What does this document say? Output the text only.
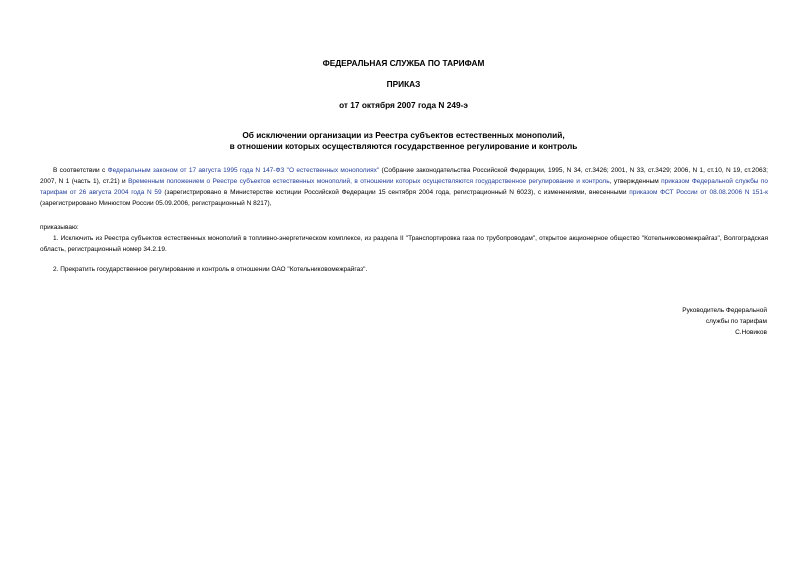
ФЕДЕРАЛЬНАЯ СЛУЖБА ПО ТАРИФАМ
ПРИКАЗ
от 17 октября 2007 года N 249-э
Об исключении организации из Реестра субъектов естественных монополий,
в отношении которых осуществляются государственное регулирование и контроль
В соответствии с Федеральным законом от 17 августа 1995 года N 147-ФЗ "О естественных монополиях" (Собрание законодательства Российской Федерации, 1995, N 34, ст.3426; 2001, N 33, ст.3429; 2006, N 1, ст.10, N 19, ст.2063; 2007, N 1 (часть 1), ст.21) и Временным положением о Реестре субъектов естественных монополий, в отношении которых осуществляются государственное регулирование и контроль, утвержденным приказом Федеральной службы по тарифам от 26 августа 2004 года N 59 (зарегистрировано в Министерстве юстиции Российской Федерации 15 сентября 2004 года, регистрационный N 6023), с изменениями, внесенными приказом ФСТ России от 08.08.2006 N 151-к (зарегистрировано Минюстом России 05.09.2006, регистрационный N 8217),
приказываю:
1. Исключить из Реестра субъектов естественных монополий в топливно-энергетическом комплексе, из раздела II "Транспортировка газа по трубопроводам", открытое акционерное общество "Котельниковомежрайгаз", Волгоградская область, регистрационный номер 34.2.19.
2. Прекратить государственное регулирование и контроль в отношении ОАО "Котельниковомежрайгаз".
Руководитель Федеральной
службы по тарифам
С.Новиков
